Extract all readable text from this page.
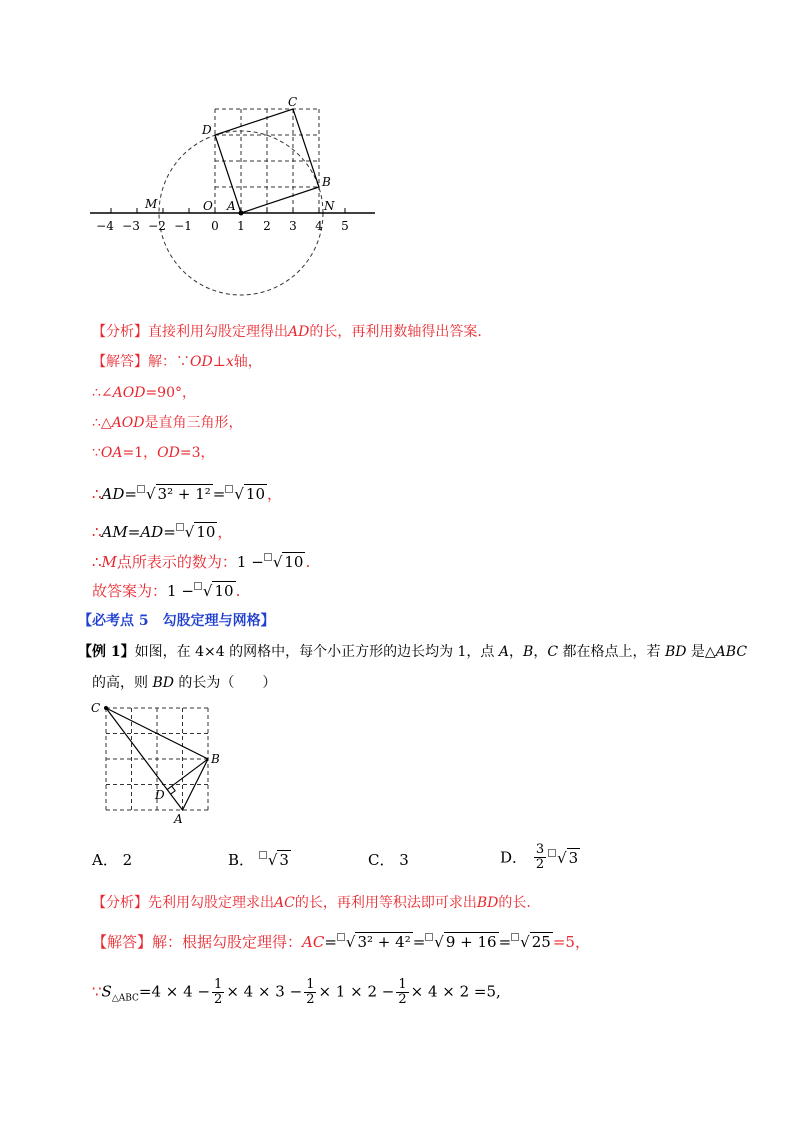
−4 −3 −2 −1 0 1 2 3 4 5
M	O A	N
D
C
B
【分析】直接利用勾股定理得出AD的长，再利用数轴得出答案.
【解答】解：∵OD⊥x轴，
∴∠AOD=90°，
∴△AOD是直角三角形，
∵OA=1，OD=3，
∴AD= √ 3² + 1² = √ 10 ，
∴AM=AD= √ 10 ，
∴M点所表示的数为：1 − √ 10 .
故答案为：1 − √ 10 .
【必考点 5　勾股定理与网格】
【例 1】如图，在 4×4 的网格中，每个小正方形的边长均为 1，点 A，B，C 都在格点上，若 BD 是△ABC
的高，则 BD 的长为（　　）
C
B
D
A
A． 2	B． √ 3	C． 3	D． $\frac{3}{2}$ √ 3
【分析】先利用勾股定理求出AC的长，再利用等积法即可求出BD的长.
【解答】解：根据勾股定理得：AC= √ 3² + 4² = √ 9 + 16 = √ 25 =5，
$\because S_{\triangle ABC}=4 \times 4 - \frac{1}{2} \times 4 \times 3 - \frac{1}{2} \times 1 \times 2 - \frac{1}{2} \times 4 \times 2 =5$,
